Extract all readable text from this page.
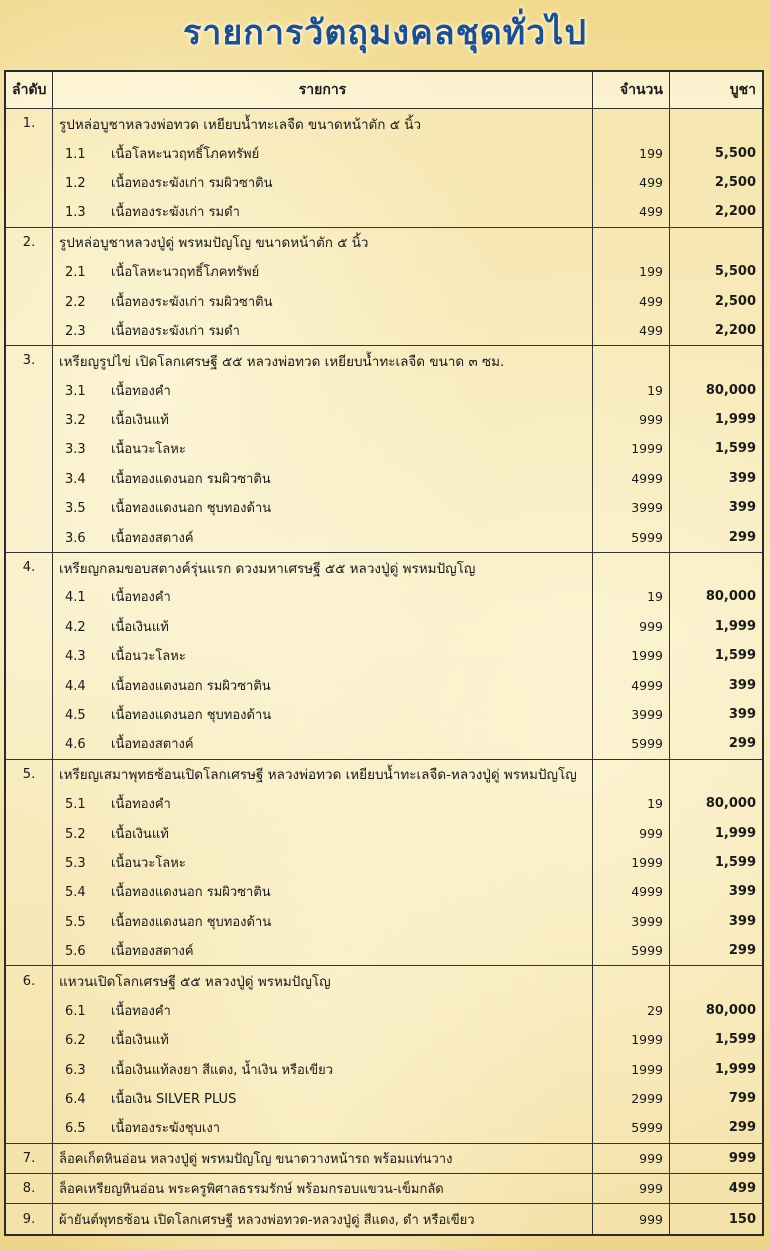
รายการวัตถุมงคลชุดทั่วไป
ลำดับ	รายการ	จำนวน	บูชา
1.	รูปหล่อบูชาหลวงพ่อทวด เหยียบน้ำทะเลจืด ขนาดหน้าตัก ๕ นิ้ว		
	1.1 เนื้อโลหะนวฤทธิ์โภคทรัพย์	199	5,500
	1.2 เนื้อทองระฆังเก่า รมผิวซาติน	499	2,500
	1.3 เนื้อทองระฆังเก่า รมดำ	499	2,200
2.	รูปหล่อบูชาหลวงปู่ดู่ พรหมปัญโญ ขนาดหน้าตัก ๕ นิ้ว		
	2.1 เนื้อโลหะนวฤทธิ์โภคทรัพย์	199	5,500
	2.2 เนื้อทองระฆังเก่า รมผิวซาติน	499	2,500
	2.3 เนื้อทองระฆังเก่า รมดำ	499	2,200
3.	เหรียญรูปไข่ เปิดโลกเศรษฐี ๕๕ หลวงพ่อทวด เหยียบน้ำทะเลจืด ขนาด ๓ ซม.		
	3.1 เนื้อทองคำ	19	80,000
	3.2 เนื้อเงินแท้	999	1,999
	3.3 เนื้อนวะโลหะ	1999	1,599
	3.4 เนื้อทองแดงนอก รมผิวซาติน	4999	399
	3.5 เนื้อทองแดงนอก ชุบทองด้าน	3999	399
	3.6 เนื้อทองสตางค์	5999	299
4.	เหรียญกลมขอบสตางค์รุ่นแรก ดวงมหาเศรษฐี ๕๕ หลวงปู่ดู่ พรหมปัญโญ		
	4.1 เนื้อทองคำ	19	80,000
	4.2 เนื้อเงินแท้	999	1,999
	4.3 เนื้อนวะโลหะ	1999	1,599
	4.4 เนื้อทองแดงนอก รมผิวซาติน	4999	399
	4.5 เนื้อทองแดงนอก ชุบทองด้าน	3999	399
	4.6 เนื้อทองสตางค์	5999	299
5.	เหรียญเสมาพุทธซ้อนเปิดโลกเศรษฐี หลวงพ่อทวด เหยียบน้ำทะเลจืด-หลวงปู่ดู่ พรหมปัญโญ		
	5.1 เนื้อทองคำ	19	80,000
	5.2 เนื้อเงินแท้	999	1,999
	5.3 เนื้อนวะโลหะ	1999	1,599
	5.4 เนื้อทองแดงนอก รมผิวซาติน	4999	399
	5.5 เนื้อทองแดงนอก ชุบทองด้าน	3999	399
	5.6 เนื้อทองสตางค์	5999	299
6.	แหวนเปิดโลกเศรษฐี ๕๕ หลวงปู่ดู่ พรหมปัญโญ		
	6.1 เนื้อทองคำ	29	80,000
	6.2 เนื้อเงินแท้	1999	1,599
	6.3 เนื้อเงินแท้ลงยา สีแดง, น้ำเงิน หรือเขียว	1999	1,999
	6.4 เนื้อเงิน SILVER PLUS	2999	799
	6.5 เนื้อทองระฆังชุบเงา	5999	299
7.	ล็อคเก็ตหินอ่อน หลวงปู่ดู่ พรหมปัญโญ ขนาดวางหน้ารถ พร้อมแท่นวาง	999	999
8.	ล็อคเหรียญหินอ่อน พระครูพิศาลธรรมรักษ์ พร้อมกรอบแขวน-เข็มกลัด	999	499
9.	ผ้ายันต์พุทธซ้อน เปิดโลกเศรษฐี หลวงพ่อทวด-หลวงปู่ดู่ สีแดง, ดำ หรือเขียว	999	150
